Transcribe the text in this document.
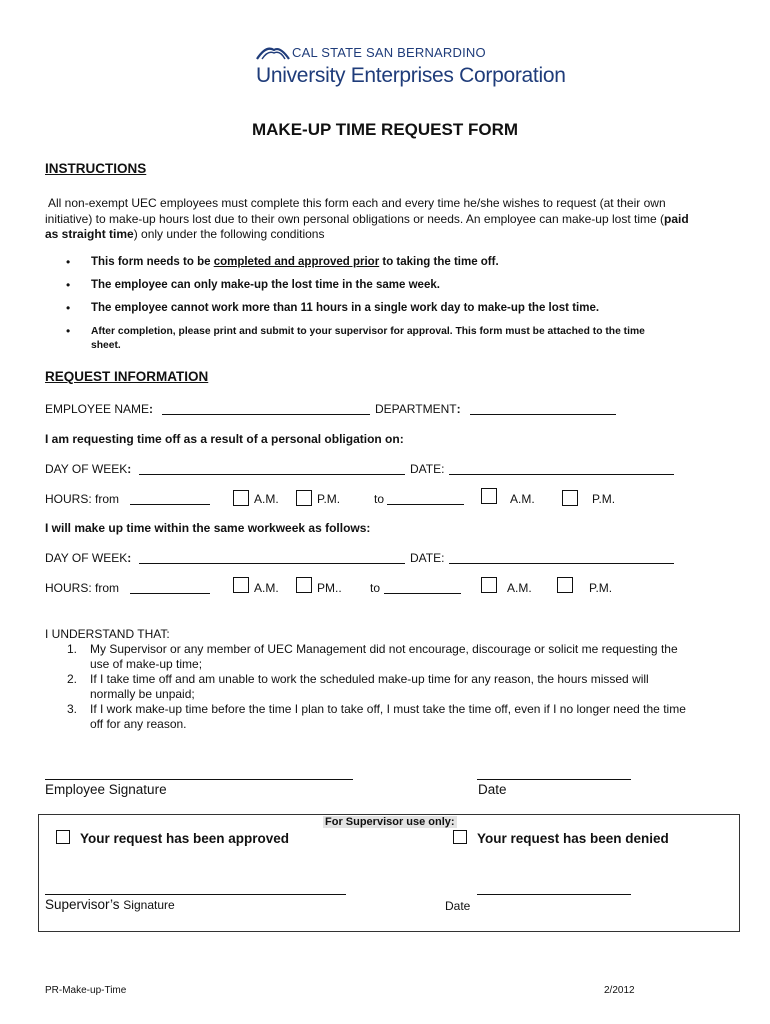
CAL STATE SAN BERNARDINO
University Enterprises Corporation
MAKE-UP TIME REQUEST FORM
INSTRUCTIONS
All non-exempt UEC employees must complete this form each and every time he/she wishes to request (at their own
initiative) to make-up hours lost due to their own personal obligations or needs. An employee can make-up lost time (paid
as straight time) only under the following conditions
• This form needs to be completed and approved prior to taking the time off.
• The employee can only make-up the lost time in the same week.
• The employee cannot work more than 11 hours in a single work day to make-up the lost time.
• After completion, please print and submit to your supervisor for approval. This form must be attached to the time
sheet.
REQUEST INFORMATION
EMPLOYEE NAME:	DEPARTMENT:
I am requesting time off as a result of a personal obligation on:
DAY OF WEEK:	DATE:
HOURS: from	A.M.	P.M.	to	A.M.	P.M.
I will make up time within the same workweek as follows:
DAY OF WEEK:	DATE:
HOURS: from	A.M.	PM.. to	A.M.	P.M.
I UNDERSTAND THAT:
1. My Supervisor or any member of UEC Management did not encourage, discourage or solicit me requesting the
use of make-up time;
2. If I take time off and am unable to work the scheduled make-up time for any reason, the hours missed will
normally be unpaid;
3. If I work make-up time before the time I plan to take off, I must take the time off, even if I no longer need the time
off for any reason.
Employee Signature	Date
For Supervisor use only:
Your request has been approved	Your request has been denied
Supervisor’s Signature	Date
PR-Make-up-Time	2/2012
